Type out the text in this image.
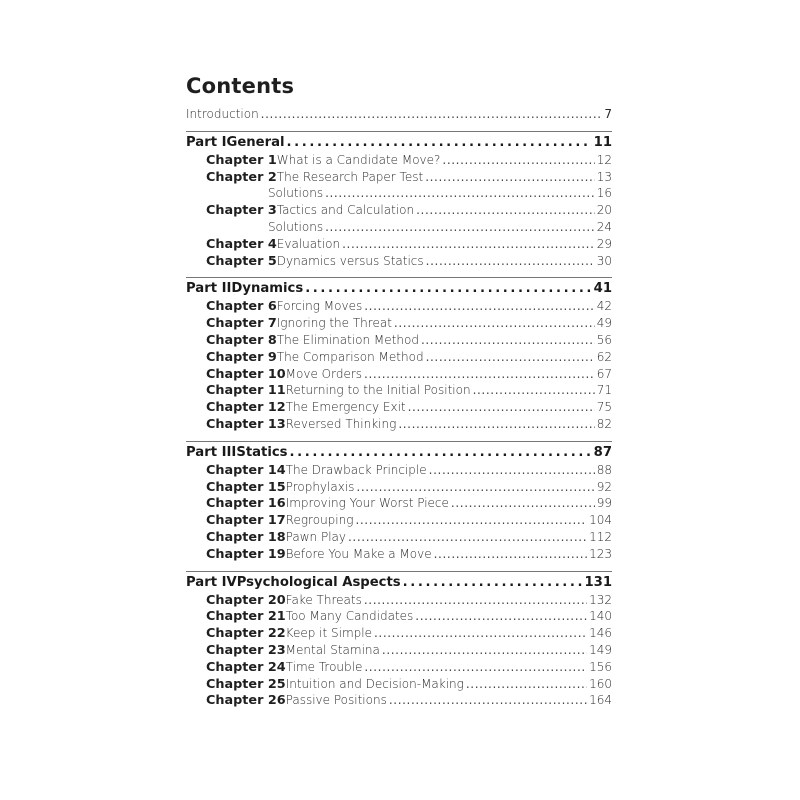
Contents
Introduction . . .	7
Part I General . . .	11
Chapter 1 What is a Candidate Move? . . .	12
Chapter 2 The Research Paper Test . . .	13
Solutions . . .	16
Chapter 3 Tactics and Calculation . . .	20
Solutions . . .	24
Chapter 4 Evaluation . . .	29
Chapter 5 Dynamics versus Statics . . .	30
Part II Dynamics . . .	41
Chapter 6 Forcing Moves . . .	42
Chapter 7 Ignoring the Threat . . .	49
Chapter 8 The Elimination Method . . .	56
Chapter 9 The Comparison Method . . .	62
Chapter 10 Move Orders . . .	67
Chapter 11 Returning to the Initial Position . . .	71
Chapter 12 The Emergency Exit . . .	75
Chapter 13 Reversed Thinking . . .	82
Part III Statics . . .	87
Chapter 14 The Drawback Principle . . .	88
Chapter 15 Prophylaxis . . .	92
Chapter 16 Improving Your Worst Piece . . .	99
Chapter 17 Regrouping . . .	104
Chapter 18 Pawn Play . . .	112
Chapter 19 Before You Make a Move . . .	123
Part IV Psychological Aspects . . .	131
Chapter 20 Fake Threats . . .	132
Chapter 21 Too Many Candidates . . .	140
Chapter 22 Keep it Simple . . .	146
Chapter 23 Mental Stamina . . .	149
Chapter 24 Time Trouble . . .	156
Chapter 25 Intuition and Decision-Making . . .	160
Chapter 26 Passive Positions . . .	164
